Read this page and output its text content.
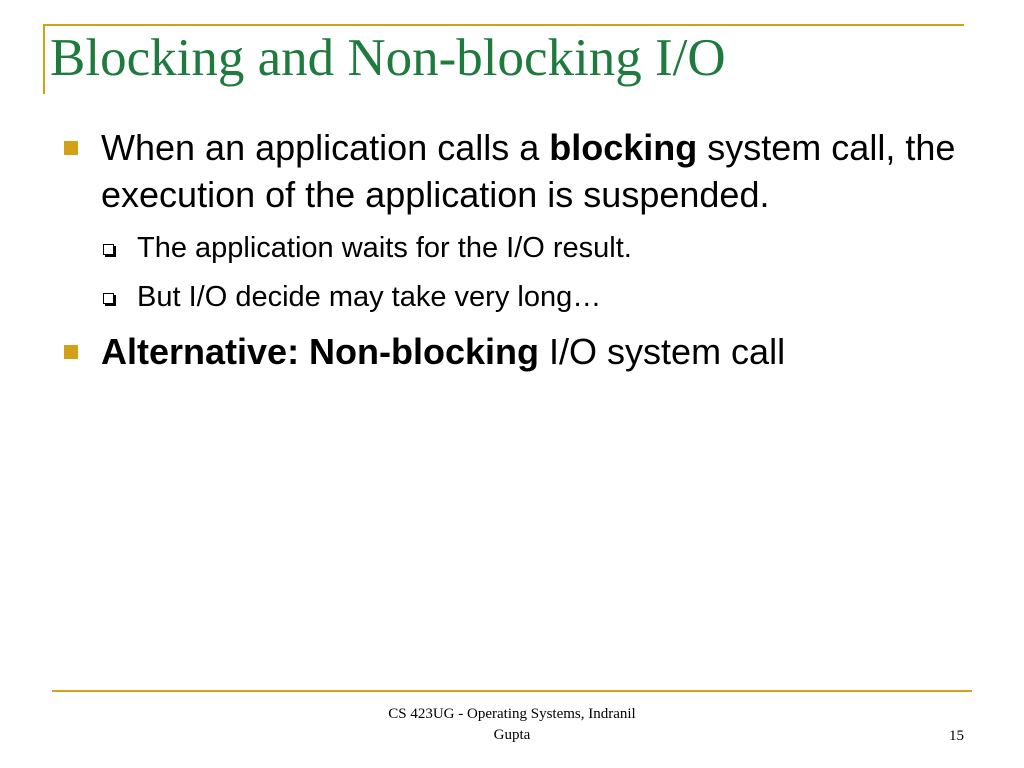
Blocking and Non-blocking I/O
When an application calls a blocking system call, the execution of the application is suspended.
The application waits for the I/O result.
But I/O decide may take very long…
Alternative: Non-blocking I/O system call
CS 423UG - Operating Systems, Indranil
Gupta	15
